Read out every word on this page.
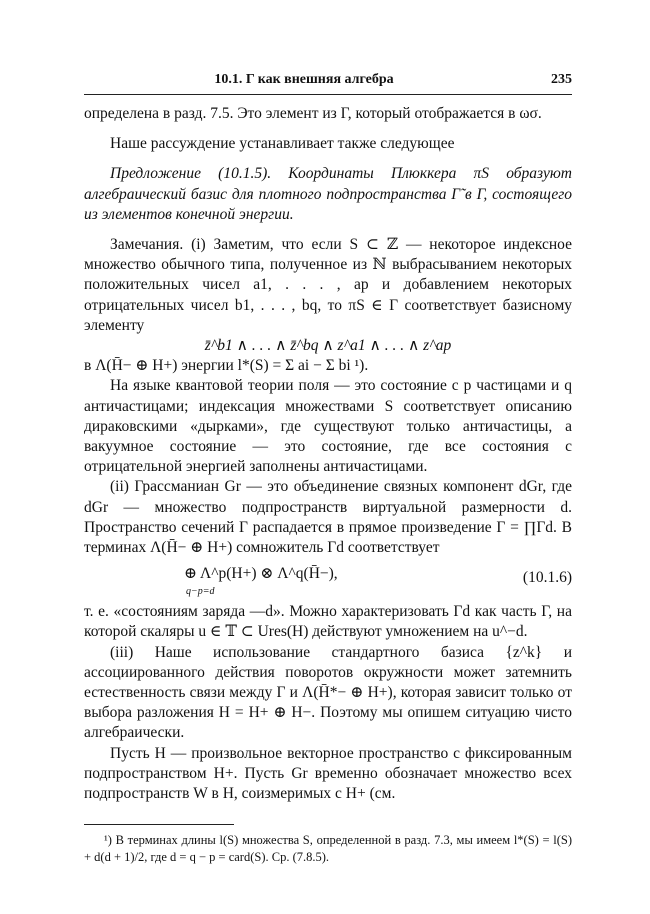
10.1. Γ как внешняя алгебра	235

определена в разд. 7.5. Это элемент из Γ, который отображается в ωσ.

Наше рассуждение устанавливает также следующее

Предложение (10.1.5). Координаты Плюккера πS образуют алгебраический базис для плотного подпространства Γ̃ в Γ, состоящего из элементов конечной энергии.

Замечания. (i) Заметим, что если S ⊂ ℤ — некоторое индексное множество обычного типа, полученное из ℕ выбрасыванием некоторых положительных чисел a1, . . . , ap и добавлением некоторых отрицательных чисел b1, . . . , bq, то πS ∈ Γ соответствует базисному элементу

z̄^b1 ∧ . . . ∧ z̄^bq ∧ z^a1 ∧ . . . ∧ z^ap

в Λ(H̄− ⊕ H+) энергии l*(S) = Σ ai − Σ bi ¹).

На языке квантовой теории поля — это состояние с p частицами и q античастицами; индексация множествами S соответствует описанию дираковскими «дырками», где существуют только античастицы, а вакуумное состояние — это состояние, где все состояния с отрицательной энергией заполнены античастицами.

(ii) Грассманиан Gr — это объединение связных компонент dGr, где dGr — множество подпространств виртуальной размерности d. Пространство сечений Γ распадается в прямое произведение Γ = ∏Γd. В терминах Λ(H̄− ⊕ H+) сомножитель Γd соответствует

⊕ Λ^p(H+) ⊗ Λ^q(H̄−),
q−p=d
(10.1.6)

т. е. «состояниям заряда —d». Можно характеризовать Γd как часть Γ, на которой скаляры u ∈ 𝕋 ⊂ Ures(H) действуют умножением на u^−d.

(iii) Наше использование стандартного базиса {z^k} и ассоциированного действия поворотов окружности может затемнить естественность связи между Γ и Λ(H̄*− ⊕ H+), которая зависит только от выбора разложения H = H+ ⊕ H−. Поэтому мы опишем ситуацию чисто алгебраически.

Пусть H — произвольное векторное пространство с фиксированным подпространством H+. Пусть Gr временно обозначает множество всех подпространств W в H, соизмеримых с H+ (см.

¹) В терминах длины l(S) множества S, определенной в разд. 7.3, мы имеем l*(S) = l(S) + d(d + 1)/2, где d = q − p = card(S). Ср. (7.8.5).
